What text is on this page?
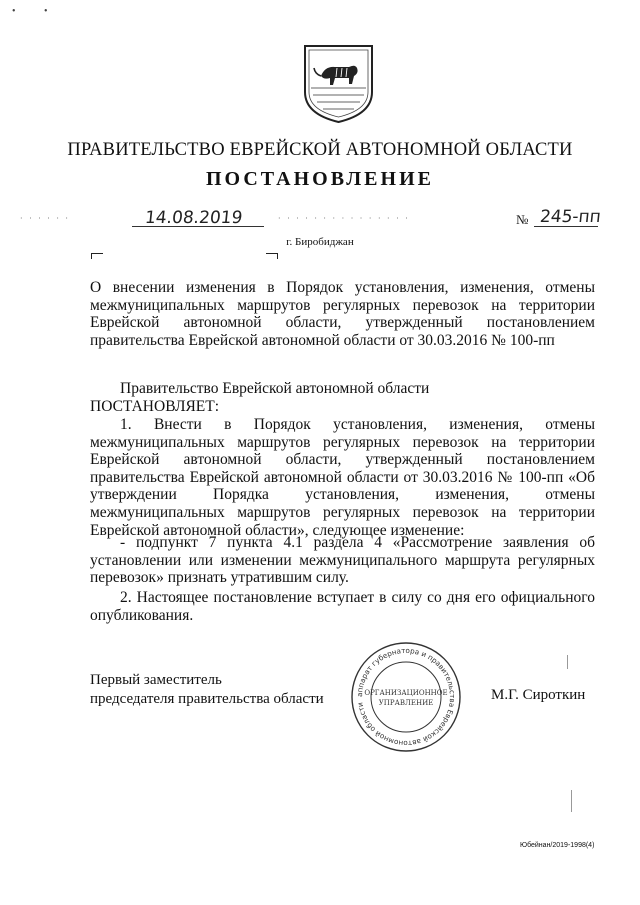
ПРАВИТЕЛЬСТВО ЕВРЕЙСКОЙ АВТОНОМНОЙ ОБЛАСТИ
ПОСТАНОВЛЕНИЕ
· · · · · ·	14.08.2019	· · · · · · · · · · · · · · ·	№ 245-пп
г. Биробиджан
О внесении изменения в Порядок установления, изменения, отмены межмуниципальных маршрутов регулярных перевозок на территории Еврейской автономной области, утвержденный постановлением правительства Еврейской автономной области от 30.03.2016 № 100-пп
Правительство Еврейской автономной области
ПОСТАНОВЛЯЕТ:
1. Внести в Порядок установления, изменения, отмены межмуниципальных маршрутов регулярных перевозок на территории Еврейской автономной области, утвержденный постановлением правительства Еврейской автономной области от 30.03.2016 № 100-пп «Об утверждении Порядка установления, изменения, отмены межмуниципальных маршрутов регулярных перевозок на территории Еврейской автономной области», следующее изменение:
- подпункт 7 пункта 4.1 раздела 4 «Рассмотрение заявления об установлении или изменении межмуниципального маршрута регулярных перевозок» признать утратившим силу.
2. Настоящее постановление вступает в силу со дня его официального опубликования.
Первый заместитель
председателя правительства области	М.Г. Сироткин
аппарат губернатора и правительства Еврейской автономной области
ОРГАНИЗАЦИОННОЕ
УПРАВЛЕНИЕ
•	•
Юбейнан/2019-1998(4)
